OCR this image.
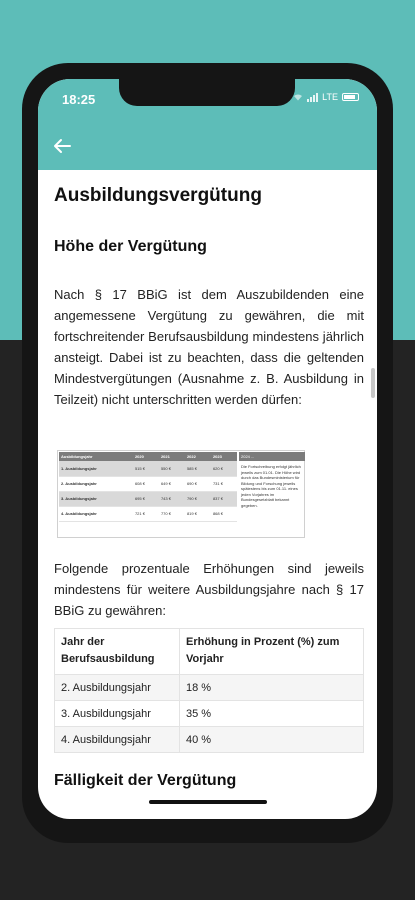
18:25	LTE
Ausbildungsvergütung
Höhe der Vergütung

Nach § 17 BBiG ist dem Auszubildenden eine angemessene Vergütung zu gewähren, die mit fortschreitender Berufsausbildung mindestens jährlich ansteigt. Dabei ist zu beachten, dass die geltenden Mindestvergütungen (Ausnahme z. B. Ausbildung in Teilzeit) nicht unterschritten werden dürfen:

Ausbildungsjahr	2020	2021	2022	2023
1. Ausbildungsjahr	515 €	550 €	585 €	620 €
2. Ausbildungsjahr	608 €	649 €	690 €	731 €
3. Ausbildungsjahr	695 €	743 €	790 €	837 €
4. Ausbildungsjahr	721 €	770 €	819 €	868 €
2024 ...
Die Fortschreibung erfolgt jährlich jeweils zum 01.01. Die Höhe wird durch das Bundesministerium für Bildung und Forschung jeweils spätestens bis zum 01.11. eines jeden Vorjahres im Bundesgesetzblatt bekannt gegeben.

Folgende prozentuale Erhöhungen sind jeweils mindestens für weitere Ausbildungsjahre nach § 17 BBiG zu gewähren:

Jahr der Berufsausbildung	Erhöhung in Prozent (%) zum Vorjahr
2. Ausbildungsjahr	18 %
3. Ausbildungsjahr	35 %
4. Ausbildungsjahr	40 %
Fälligkeit der Vergütung
